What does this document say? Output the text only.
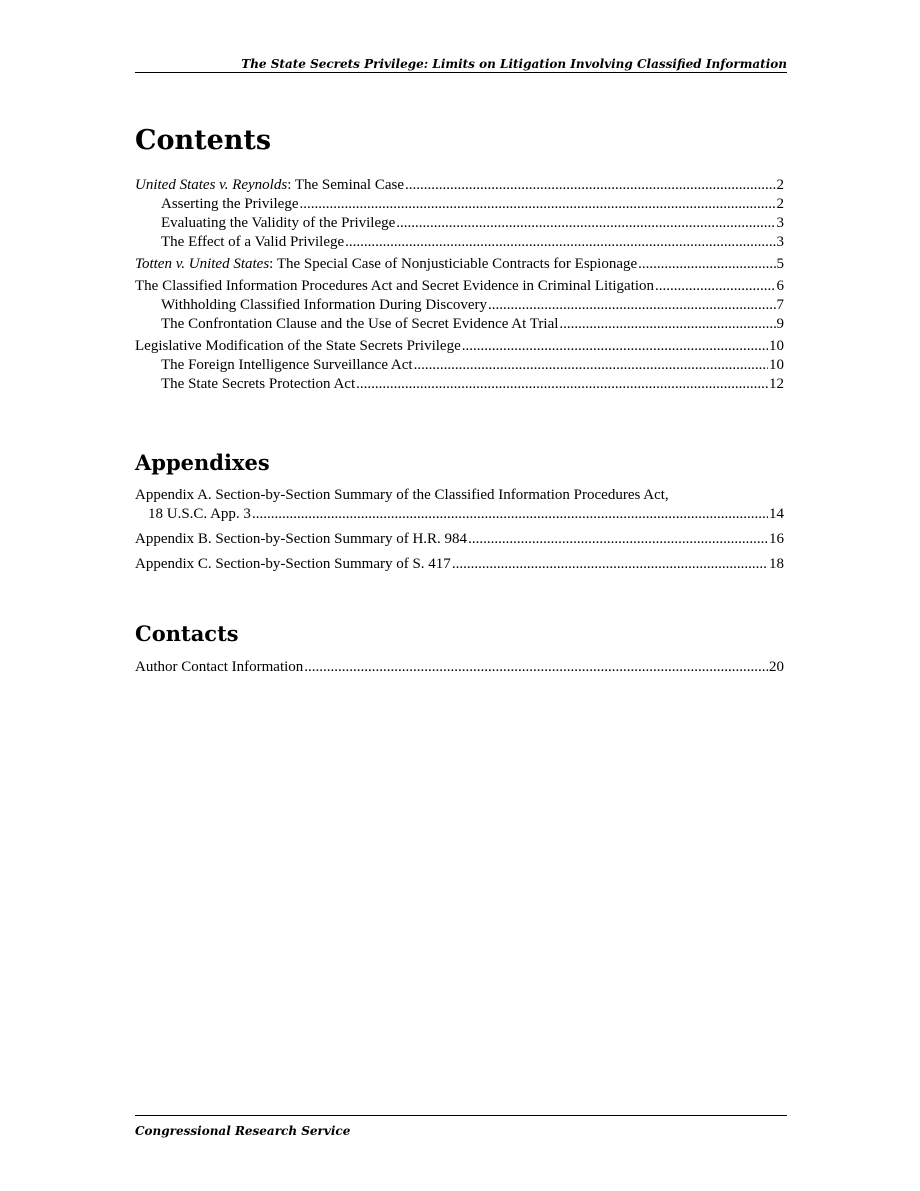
The State Secrets Privilege: Limits on Litigation Involving Classified Information
Contents
United States v. Reynolds: The Seminal Case .....	2
Asserting the Privilege .....	2
Evaluating the Validity of the Privilege .....	3
The Effect of a Valid Privilege .....	3
Totten v. United States: The Special Case of Nonjusticiable Contracts for Espionage .....	5
The Classified Information Procedures Act and Secret Evidence in Criminal Litigation .....	6
Withholding Classified Information During Discovery .....	7
The Confrontation Clause and the Use of Secret Evidence At Trial .....	9
Legislative Modification of the State Secrets Privilege .....	10
The Foreign Intelligence Surveillance Act .....	10
The State Secrets Protection Act .....	12
Appendixes
Appendix A. Section-by-Section Summary of the Classified Information Procedures Act,
18 U.S.C. App. 3 .....	14
Appendix B. Section-by-Section Summary of H.R. 984 .....	16
Appendix C. Section-by-Section Summary of S. 417 .....	18
Contacts
Author Contact Information .....	20
Congressional Research Service
